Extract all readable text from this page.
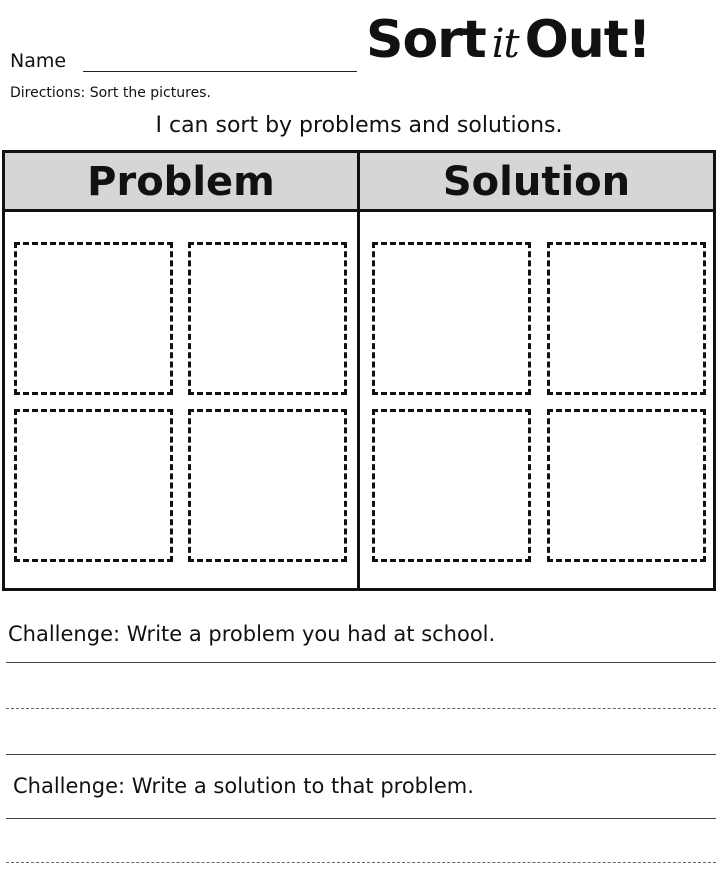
Name	Sort it Out!
Directions: Sort the pictures.
I can sort by problems and solutions.
Problem	Solution
Challenge: Write a problem you had at school.
Challenge: Write a solution to that problem.
